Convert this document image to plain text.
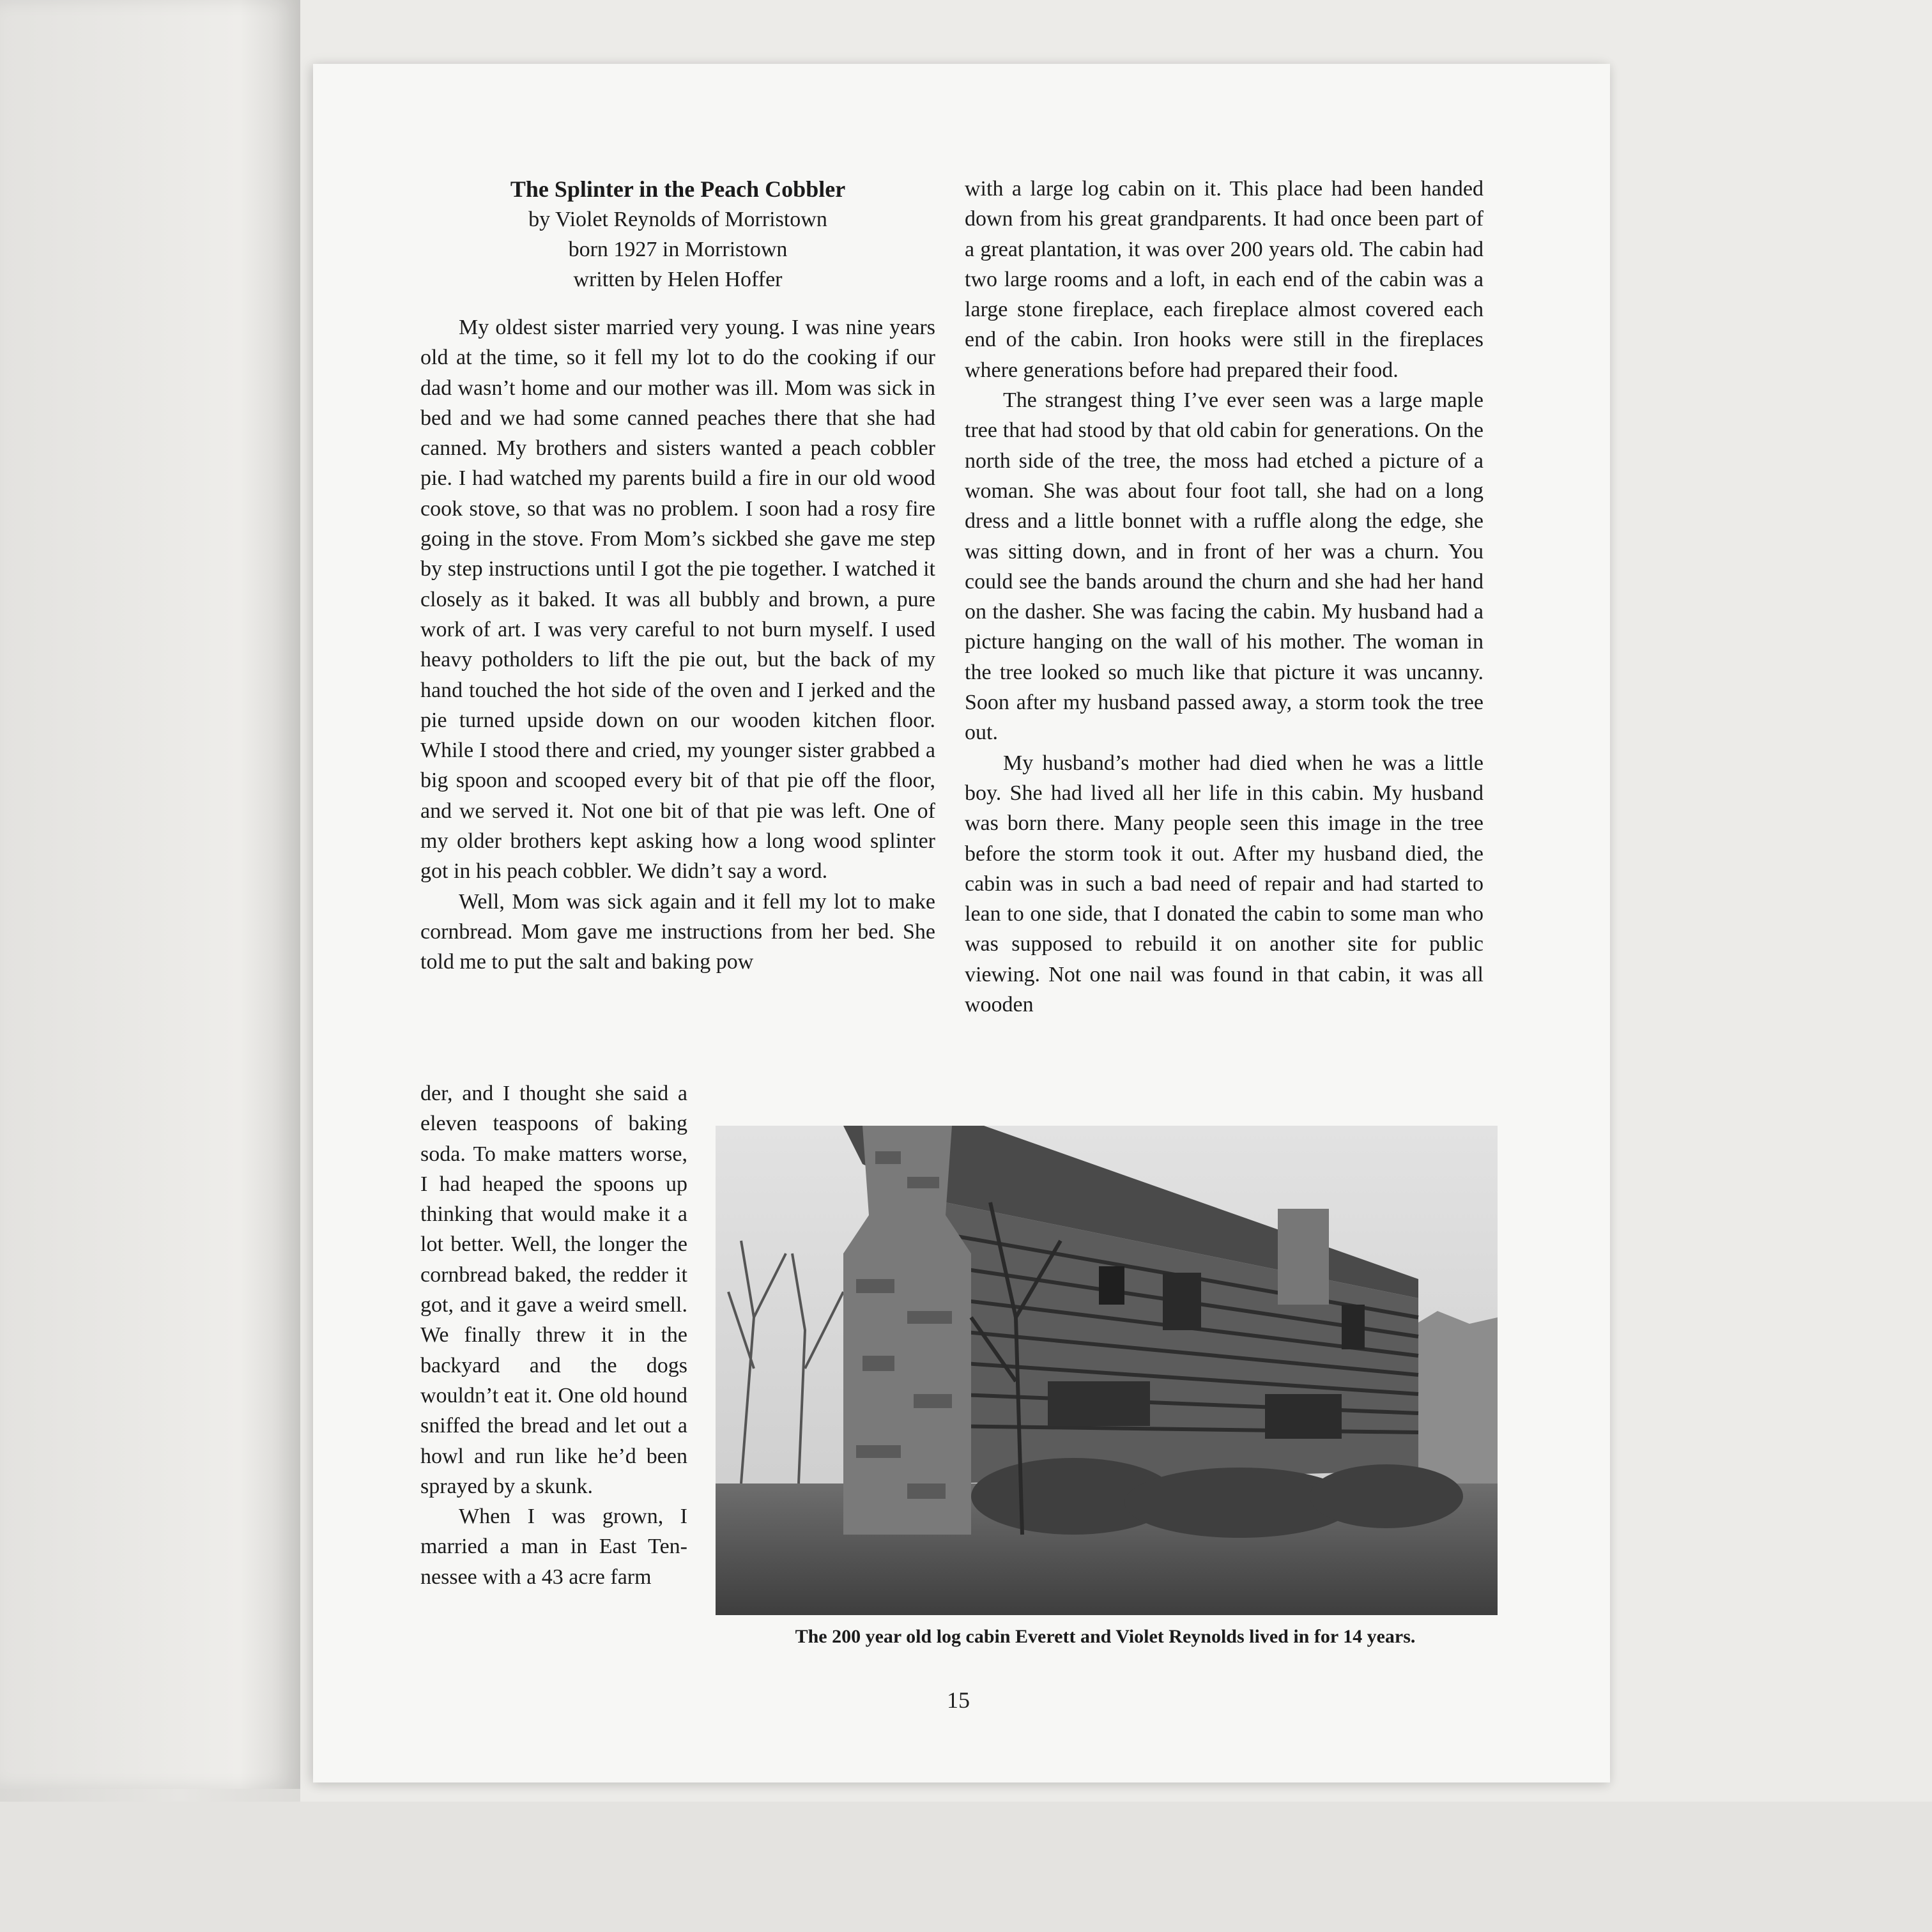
The Splinter in the Peach Cobbler
by Violet Reynolds of Morristown
born 1927 in Morristown
written by Helen Hoffer

My oldest sister married very young. I was nine years old at the time, so it fell my lot to do the cooking if our dad wasn’t home and our mother was ill. Mom was sick in bed and we had some canned peaches there that she had canned. My brothers and sisters wanted a peach cobbler pie. I had watched my parents build a fire in our old wood cook stove, so that was no problem. I soon had a rosy fire going in the stove. From Mom’s sickbed she gave me step by step instructions until I got the pie together. I watched it closely as it baked. It was all bubbly and brown, a pure work of art. I was very careful to not burn myself. I used heavy potholders to lift the pie out, but the back of my hand touched the hot side of the oven and I jerked and the pie turned upside down on our wooden kitchen floor. While I stood there and cried, my younger sister grabbed a big spoon and scooped every bit of that pie off the floor, and we served it. Not one bit of that pie was left. One of my older brothers kept asking how a long wood splinter got in his peach cobbler. We didn’t say a word.

Well, Mom was sick again and it fell my lot to make cornbread. Mom gave me instructions from her bed. She told me to put the salt and baking pow

der, and I thought she said a eleven teaspoons of baking soda. To make matters worse, I had heaped the spoons up thinking that would make it a lot better. Well, the longer the cornbread baked, the redder it got, and it gave a weird smell. We finally threw it in the backyard and the dogs wouldn’t eat it. One old hound sniffed the bread and let out a howl and run like he’d been sprayed by a skunk.

When I was grown, I married a man in East Tennessee with a 43 acre farm

with a large log cabin on it. This place had been handed down from his great grandparents. It had once been part of a great plantation, it was over 200 years old. The cabin had two large rooms and a loft, in each end of the cabin was a large stone fireplace, each fireplace almost covered each end of the cabin. Iron hooks were still in the fireplaces where generations before had prepared their food.

The strangest thing I’ve ever seen was a large maple tree that had stood by that old cabin for generations. On the north side of the tree, the moss had etched a picture of a woman. She was about four foot tall, she had on a long dress and a little bonnet with a ruffle along the edge, she was sitting down, and in front of her was a churn. You could see the bands around the churn and she had her hand on the dasher. She was facing the cabin. My husband had a picture hanging on the wall of his mother. The woman in the tree looked so much like that picture it was uncanny. Soon after my husband passed away, a storm took the tree out.

My husband’s mother had died when he was a little boy. She had lived all her life in this cabin. My husband was born there. Many people seen this image in the tree before the storm took it out. After my husband died, the cabin was in such a bad need of repair and had started to lean to one side, that I donated the cabin to some man who was supposed to rebuild it on another site for public viewing. Not one nail was found in that cabin, it was all wooden

The 200 year old log cabin Everett and Violet Reynolds lived in for 14 years.
15
